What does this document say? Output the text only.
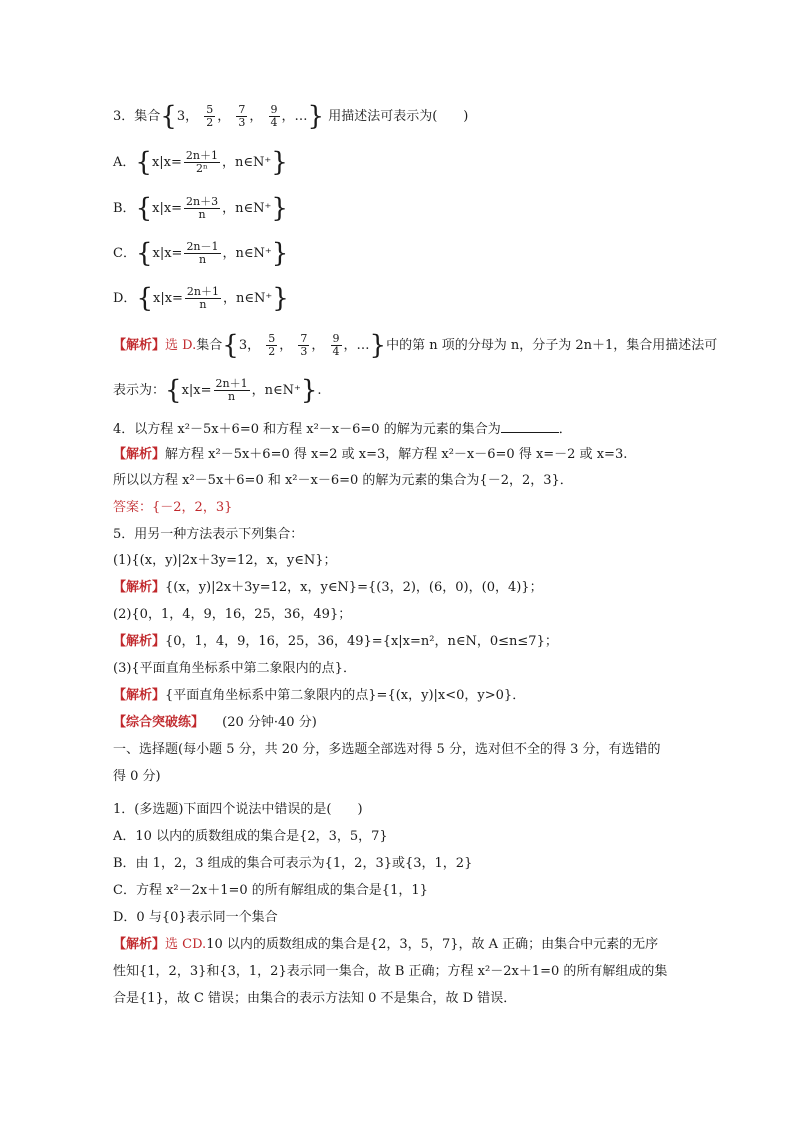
3．集合{3， $\frac{5}{2}$ ， $\frac{7}{3}$ ， $\frac{9}{4}$ ，…} 用描述法可表示为(　　)
A．{$x|x= \frac{2n+1}{\text{2ⁿ}}$ ，n∈N⁺}
B．{$x|x= \frac{2n+3}{n}$ ，n∈N⁺}
C．{$x|x= \frac{2n-1}{n}$ ，n∈N⁺}
D．{$x|x= \frac{2n+1}{n}$ ，n∈N⁺}
【解析】选 D.集合{3， $\frac{5}{2}$ ， $\frac{7}{3}$ ， $\frac{9}{4}$ ，…}中的第 n 项的分母为 n，分子为 2n＋1，集合用描述法可
表示为：{$x|x= \frac{2n+1}{n}$ ，n∈N⁺}.
4．以方程 x²－5x＋6=0 和方程 x²－x－6=0 的解为元素的集合为	．
【解析】解方程 x²－5x＋6=0 得 x=2 或 x=3，解方程 x²－x－6=0 得 x=－2 或 x=3.
所以以方程 x²－5x＋6=0 和 x²－x－6=0 的解为元素的集合为{－2，2，3}．
答案：{－2，2，3}
5．用另一种方法表示下列集合：
(1){(x，y)|2x＋3y=12，x，y∈N}；
【解析】{(x，y)|2x＋3y=12，x，y∈N}={(3，2)，(6，0)，(0，4)}；
(2){0，1，4，9，16，25，36，49}；
【解析】{0，1，4，9，16，25，36，49}={x|x=n²，n∈N，0≤n≤7}；
(3){平面直角坐标系中第二象限内的点}．
【解析】{平面直角坐标系中第二象限内的点}={(x，y)|x<0，y>0}．
【综合突破练】 (20 分钟·40 分)
一、选择题(每小题 5 分，共 20 分，多选题全部选对得 5 分，选对但不全的得 3 分，有选错的
得 0 分)
1．(多选题)下面四个说法中错误的是(　　)
A．10 以内的质数组成的集合是{2，3，5，7}
B．由 1，2，3 组成的集合可表示为{1，2，3}或{3，1，2}
C．方程 x²－2x＋1=0 的所有解组成的集合是{1，1}
D．0 与{0}表示同一个集合
【解析】选 CD.10 以内的质数组成的集合是{2，3，5，7}，故 A 正确；由集合中元素的无序
性知{1，2，3}和{3，1，2}表示同一集合，故 B 正确；方程 x²－2x＋1=0 的所有解组成的集
合是{1}，故 C 错误；由集合的表示方法知 0 不是集合，故 D 错误．
